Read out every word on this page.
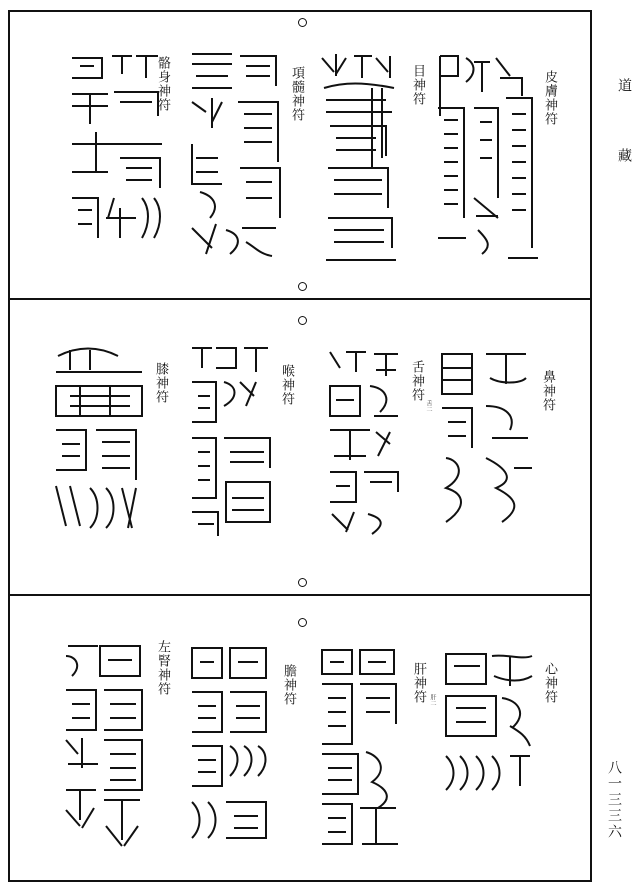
皮膚神符
目神符
項髓神符
骼身神符
鼻神符
舌神符
舌二
喉神符
膝神符
心神符
肝神符 肝二
膽神符
左腎神符
道
藏
八一三三六
